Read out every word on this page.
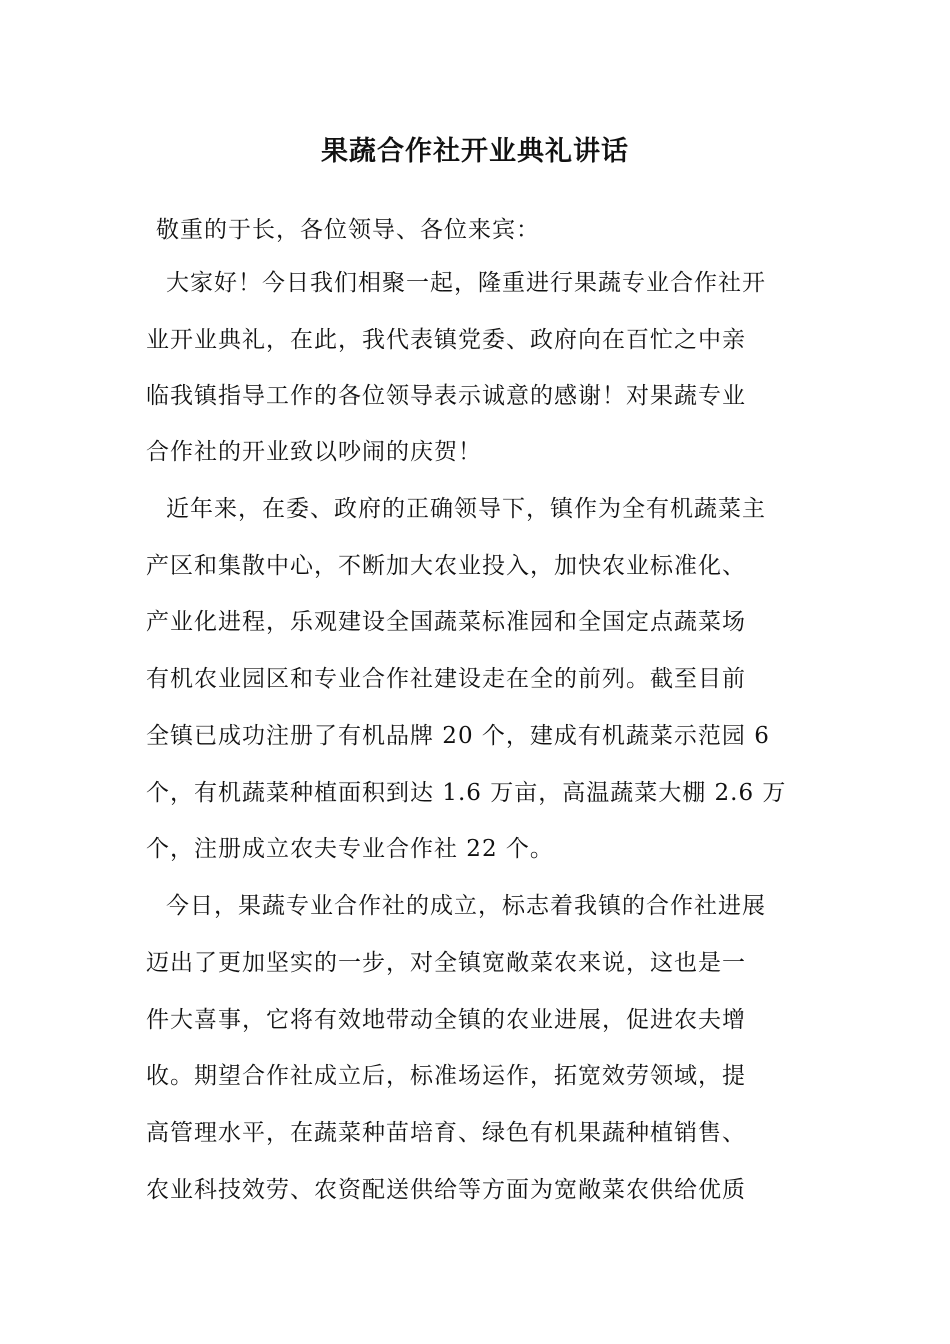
果蔬合作社开业典礼讲话
敬重的于长，各位领导、各位来宾：
大家好！今日我们相聚一起，隆重进行果蔬专业合作社开
业开业典礼，在此，我代表镇党委、政府向在百忙之中亲
临我镇指导工作的各位领导表示诚意的感谢！对果蔬专业
合作社的开业致以吵闹的庆贺！
近年来，在委、政府的正确领导下，镇作为全有机蔬菜主
产区和集散中心，不断加大农业投入，加快农业标准化、
产业化进程，乐观建设全国蔬菜标准园和全国定点蔬菜场
有机农业园区和专业合作社建设走在全的前列。截至目前
全镇已成功注册了有机品牌 20 个，建成有机蔬菜示范园 6
个，有机蔬菜种植面积到达 1.6 万亩，高温蔬菜大棚 2.6 万
个，注册成立农夫专业合作社 22 个。
今日，果蔬专业合作社的成立，标志着我镇的合作社进展
迈出了更加坚实的一步，对全镇宽敞菜农来说，这也是一
件大喜事，它将有效地带动全镇的农业进展，促进农夫增
收。期望合作社成立后，标准场运作，拓宽效劳领域，提
高管理水平，在蔬菜种苗培育、绿色有机果蔬种植销售、
农业科技效劳、农资配送供给等方面为宽敞菜农供给优质
